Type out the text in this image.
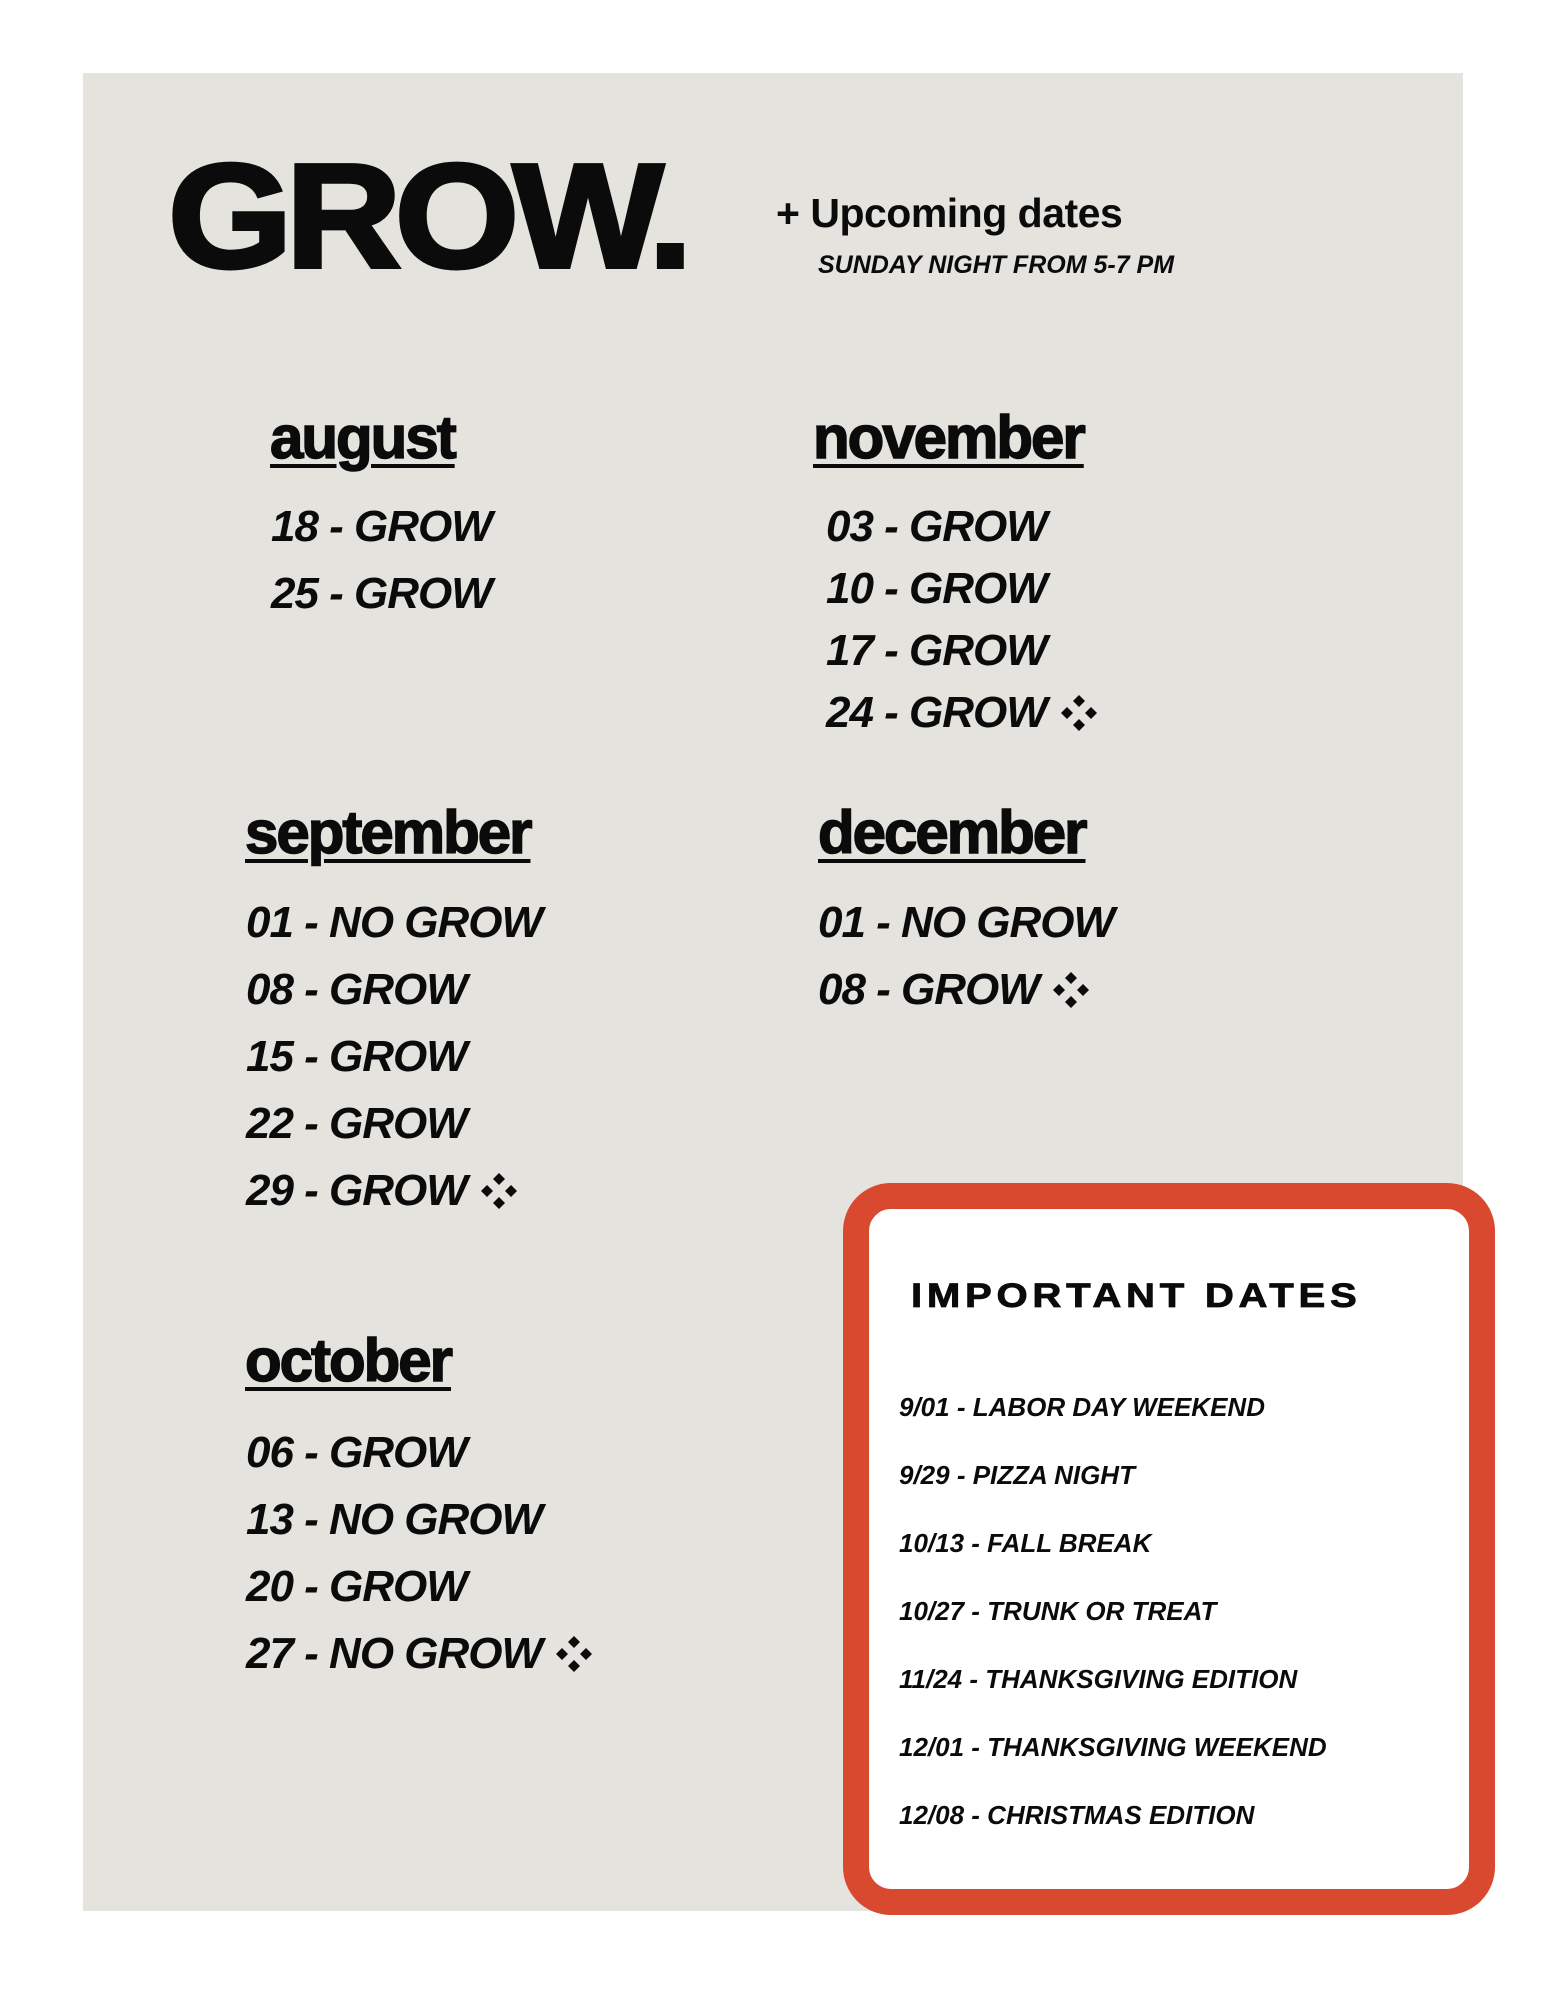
GROW. + Upcoming dates
SUNDAY NIGHT FROM 5-7 PM
august
18 - GROW
25 - GROW
november
03 - GROW
10 - GROW
17 - GROW
24 - GROW
september
01 - NO GROW
08 - GROW
15 - GROW
22 - GROW
29 - GROW
december
01 - NO GROW
08 - GROW
october
06 - GROW
13 - NO GROW
20 - GROW
27 - NO GROW
IMPORTANT DATES
9/01 - LABOR DAY WEEKEND
9/29 - PIZZA NIGHT
10/13 - FALL BREAK
10/27 - TRUNK OR TREAT
11/24 - THANKSGIVING EDITION
12/01 - THANKSGIVING WEEKEND
12/08 - CHRISTMAS EDITION
